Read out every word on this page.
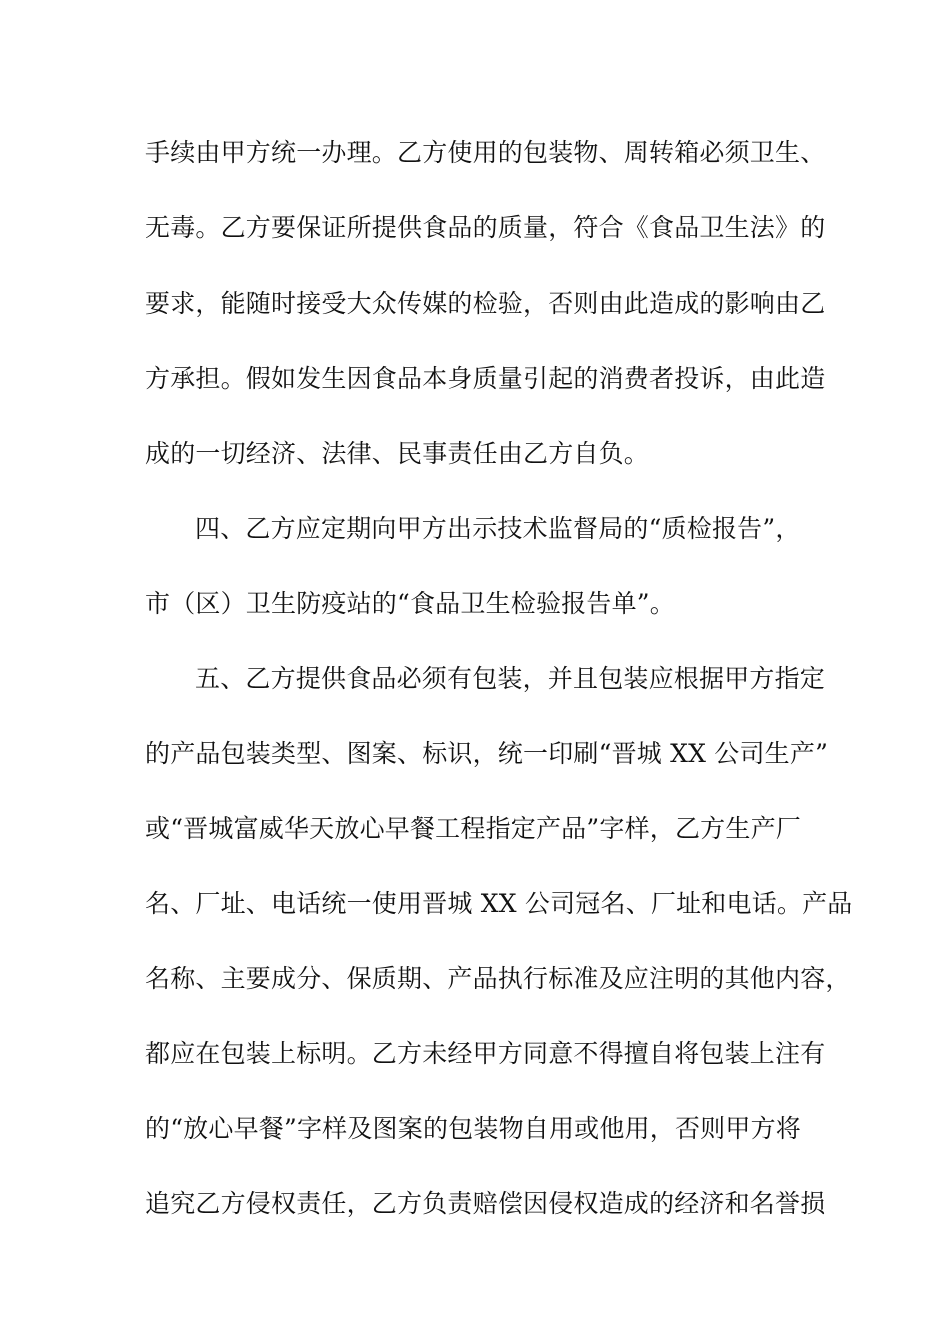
手续由甲方统一办理。乙方使用的包装物、周转箱必须卫生、

无毒。乙方要保证所提供食品的质量，符合《食品卫生法》的

要求，能随时接受大众传媒的检验，否则由此造成的影响由乙

方承担。假如发生因食品本身质量引起的消费者投诉，由此造

成的一切经济、法律、民事责任由乙方自负。

四、乙方应定期向甲方出示技术监督局的“质检报告”，

市（区）卫生防疫站的“食品卫生检验报告单”。

五、乙方提供食品必须有包装，并且包装应根据甲方指定

的产品包装类型、图案、标识，统一印刷“晋城 XX 公司生产”

或“晋城富威华天放心早餐工程指定产品”字样，乙方生产厂

名、厂址、电话统一使用晋城 XX 公司冠名、厂址和电话。产品

名称、主要成分、保质期、产品执行标准及应注明的其他内容，

都应在包装上标明。乙方未经甲方同意不得擅自将包装上注有

的“放心早餐”字样及图案的包装物自用或他用，否则甲方将

追究乙方侵权责任，乙方负责赔偿因侵权造成的经济和名誉损
